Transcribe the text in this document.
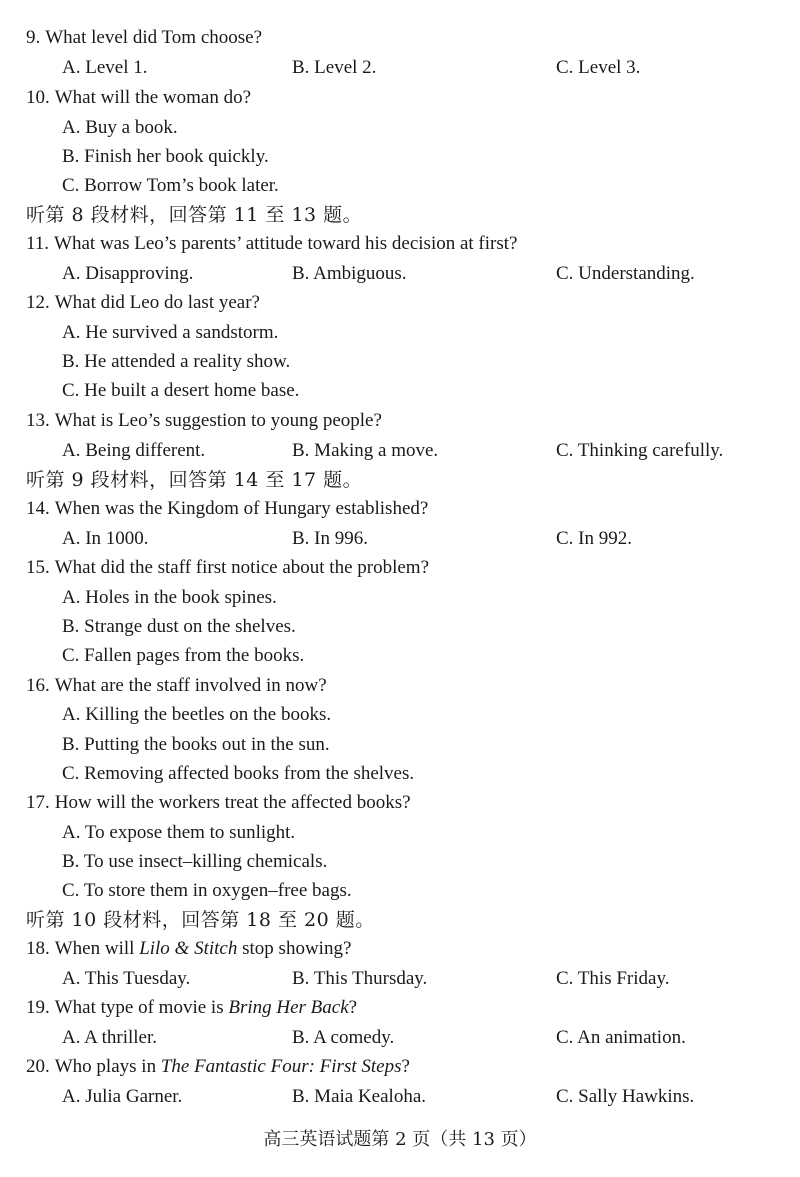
9. What level did Tom choose?
A. Level 1.	B. Level 2.	C. Level 3.
10. What will the woman do?
A. Buy a book.
B. Finish her book quickly.
C. Borrow Tom’s book later.
听第 8 段材料，回答第 11 至 13 题。
11. What was Leo’s parents’ attitude toward his decision at first?
A. Disapproving.	B. Ambiguous.	C. Understanding.
12. What did Leo do last year?
A. He survived a sandstorm.
B. He attended a reality show.
C. He built a desert home base.
13. What is Leo’s suggestion to young people?
A. Being different.	B. Making a move.	C. Thinking carefully.
听第 9 段材料，回答第 14 至 17 题。
14. When was the Kingdom of Hungary established?
A. In 1000.	B. In 996.	C. In 992.
15. What did the staff first notice about the problem?
A. Holes in the book spines.
B. Strange dust on the shelves.
C. Fallen pages from the books.
16. What are the staff involved in now?
A. Killing the beetles on the books.
B. Putting the books out in the sun.
C. Removing affected books from the shelves.
17. How will the workers treat the affected books?
A. To expose them to sunlight.
B. To use insect–killing chemicals.
C. To store them in oxygen–free bags.
听第 10 段材料，回答第 18 至 20 题。
18. When will Lilo & Stitch stop showing?
A. This Tuesday.	B. This Thursday.	C. This Friday.
19. What type of movie is Bring Her Back?
A. A thriller.	B. A comedy.	C. An animation.
20. Who plays in The Fantastic Four: First Steps?
A. Julia Garner.	B. Maia Kealoha.	C. Sally Hawkins.
高三英语试题第 2 页（共 13 页）
